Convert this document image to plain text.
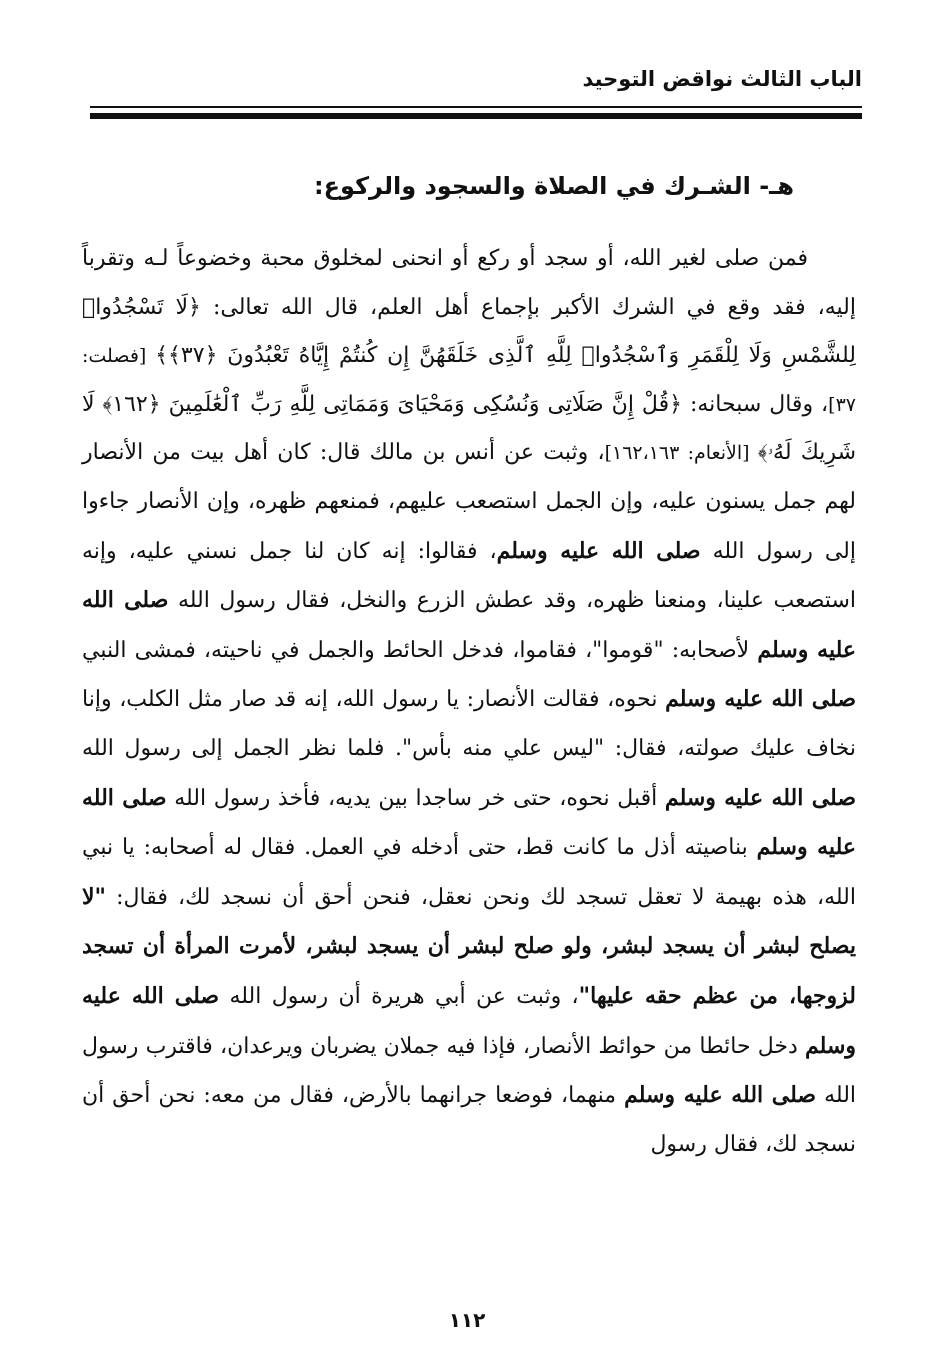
الباب الثالث نواقض التوحيد
هـ- الشـرك في الصلاة والسجود والركوع:

فمن صلى لغير الله، أو سجد أو ركع أو انحنى لمخلوق محبة وخضوعاً لـه وتقرباً إليه، فقد وقع في الشرك الأكبر بإجماع أهل العلم، قال الله تعالى: ﴿لَا تَسْجُدُوا۟ لِلشَّمْسِ وَلَا لِلْقَمَرِ وَٱسْجُدُوا۟ لِلَّهِ ٱلَّذِى خَلَقَهُنَّ إِن كُنتُمْ إِيَّاهُ تَعْبُدُونَ ﴿٣٧﴾﴾ [فصلت: ٣٧]، وقال سبحانه: ﴿قُلْ إِنَّ صَلَاتِى وَنُسُكِى وَمَحْيَاىَ وَمَمَاتِى لِلَّهِ رَبِّ ٱلْعَٰلَمِينَ ﴿١٦٢﴾ لَا شَرِيكَ لَهُۥ﴾ [الأنعام: ١٦٢،١٦٣]، وثبت عن أنس بن مالك قال: كان أهل بيت من الأنصار لهم جمل يسنون عليه، وإن الجمل استصعب عليهم، فمنعهم ظهره، وإن الأنصار جاءوا إلى رسول الله صلى الله عليه وسلم، فقالوا: إنه كان لنا جمل نسني عليه، وإنه استصعب علينا، ومنعنا ظهره، وقد عطش الزرع والنخل، فقال رسول الله صلى الله عليه وسلم لأصحابه: "قوموا"، فقاموا، فدخل الحائط والجمل في ناحيته، فمشى النبي صلى الله عليه وسلم نحوه، فقالت الأنصار: يا رسول الله، إنه قد صار مثل الكلب، وإنا نخاف عليك صولته، فقال: "ليس علي منه بأس". فلما نظر الجمل إلى رسول الله صلى الله عليه وسلم أقبل نحوه، حتى خر ساجدا بين يديه، فأخذ رسول الله صلى الله عليه وسلم بناصيته أذل ما كانت قط، حتى أدخله في العمل. فقال له أصحابه: يا نبي الله، هذه بهيمة لا تعقل تسجد لك ونحن نعقل، فنحن أحق أن نسجد لك، فقال: "لا يصلح لبشر أن يسجد لبشر، ولو صلح لبشر أن يسجد لبشر، لأمرت المرأة أن تسجد لزوجها، من عظم حقه عليها"، وثبت عن أبي هريرة أن رسول الله صلى الله عليه وسلم دخل حائطا من حوائط الأنصار، فإذا فيه جملان يضربان ويرعدان، فاقترب رسول الله صلى الله عليه وسلم منهما، فوضعا جرانهما بالأرض، فقال من معه: نحن أحق أن نسجد لك، فقال رسول

١١٢
